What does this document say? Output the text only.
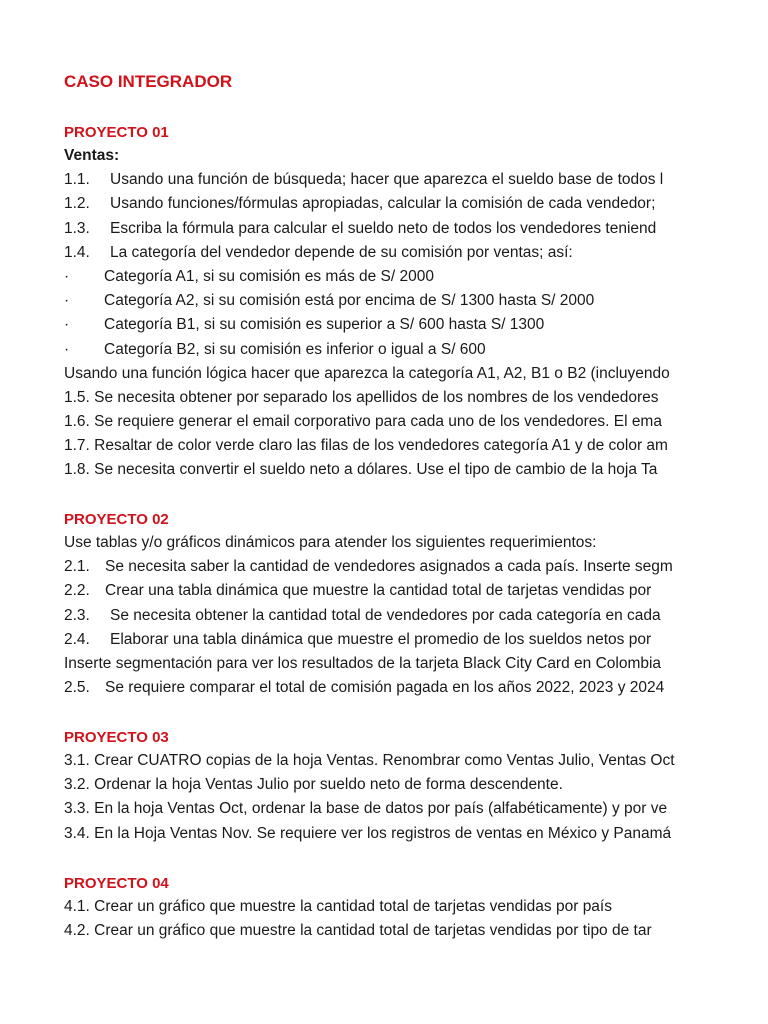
CASO INTEGRADOR
PROYECTO 01
Ventas:
1.1. Usando una función de búsqueda; hacer que aparezca el sueldo base de todos l
1.2. Usando funciones/fórmulas apropiadas, calcular la comisión de cada vendedor;
1.3. Escriba la fórmula para calcular el sueldo neto de todos los vendedores teniend
1.4. La categoría del vendedor depende de su comisión por ventas; así:
· Categoría A1, si su comisión es más de S/ 2000
· Categoría A2, si su comisión está por encima de S/ 1300 hasta S/ 2000
· Categoría B1, si su comisión es superior a S/ 600 hasta S/ 1300
· Categoría B2, si su comisión es inferior o igual a S/ 600
Usando una función lógica hacer que aparezca la categoría A1, A2, B1 o B2 (incluyendo
1.5. Se necesita obtener por separado los apellidos de los nombres de los vendedores
1.6. Se requiere generar el email corporativo para cada uno de los vendedores. El ema
1.7. Resaltar de color verde claro las filas de los vendedores categoría A1 y de color am
1.8. Se necesita convertir el sueldo neto a dólares. Use el tipo de cambio de la hoja Ta
PROYECTO 02
Use tablas y/o gráficos dinámicos para atender los siguientes requerimientos:
2.1. Se necesita saber la cantidad de vendedores asignados a cada país. Inserte segm
2.2. Crear una tabla dinámica que muestre la cantidad total de tarjetas vendidas por
2.3. Se necesita obtener la cantidad total de vendedores por cada categoría en cada
2.4. Elaborar una tabla dinámica que muestre el promedio de los sueldos netos por
Inserte segmentación para ver los resultados de la tarjeta Black City Card en Colombia
2.5. Se requiere comparar el total de comisión pagada en los años 2022, 2023 y 2024
PROYECTO 03
3.1. Crear CUATRO copias de la hoja Ventas. Renombrar como Ventas Julio, Ventas Oct
3.2. Ordenar la hoja Ventas Julio por sueldo neto de forma descendente.
3.3. En la hoja Ventas Oct, ordenar la base de datos por país (alfabéticamente) y por ve
3.4. En la Hoja Ventas Nov. Se requiere ver los registros de ventas en México y Panamá
PROYECTO 04
4.1. Crear un gráfico que muestre la cantidad total de tarjetas vendidas por país
4.2. Crear un gráfico que muestre la cantidad total de tarjetas vendidas por tipo de tar
